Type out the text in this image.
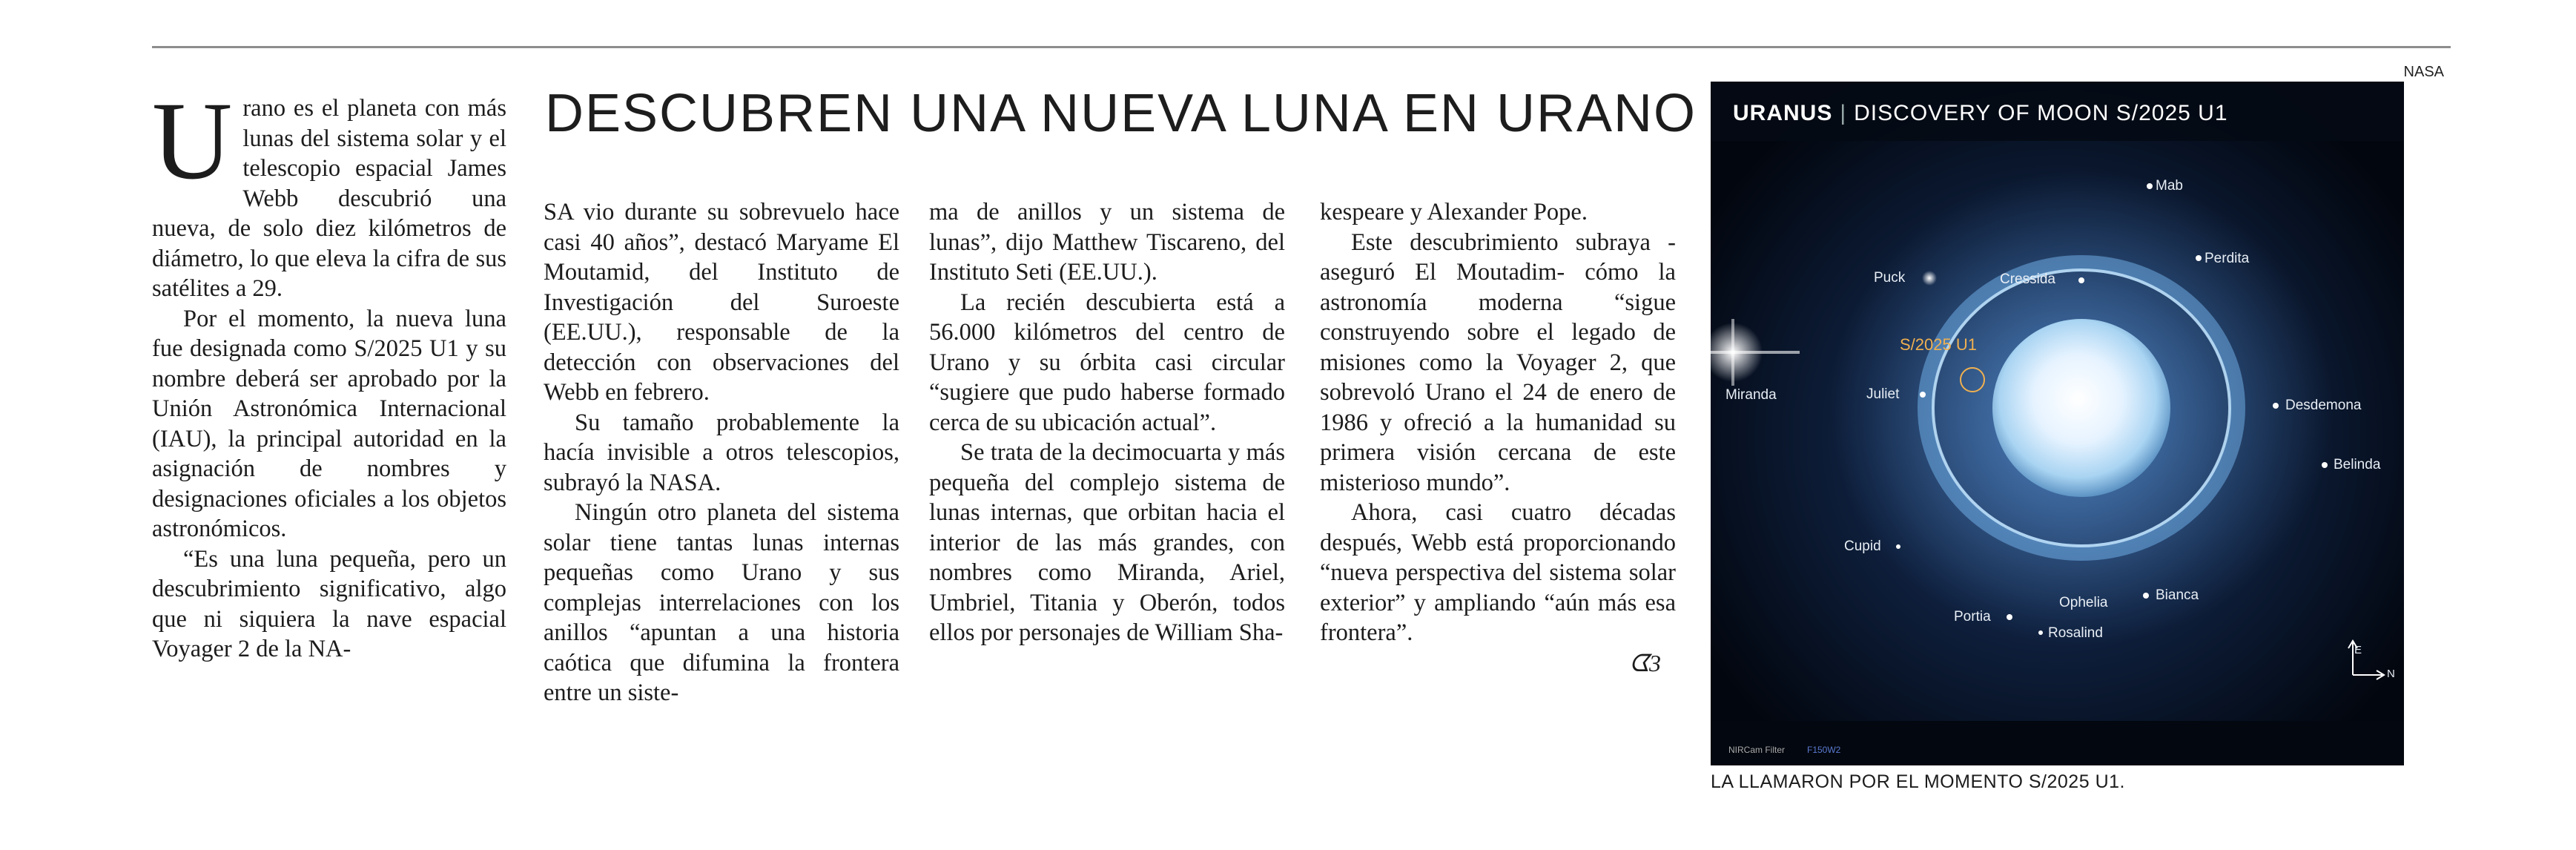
DESCUBREN UNA NUEVA LUNA EN URANO
U rano es el planeta con más lunas del sistema solar y el telescopio espacial James Webb descubrió una nueva, de solo diez kilómetros de diámetro, lo que eleva la cifra de sus satélites a 29.

Por el momento, la nueva luna fue designada como S/2025 U1 y su nombre deberá ser aprobado por la Unión Astronómica Internacional (IAU), la principal autoridad en la asignación de nombres y designaciones oficiales a los objetos astronómicos.

“Es una luna pequeña, pero un descubrimiento significativo, algo que ni siquiera la nave espacial Voyager 2 de la NA-

SA vio durante su sobrevuelo hace casi 40 años”, destacó Maryame El Moutamid, del Instituto de Investigación del Suroeste (EE.UU.), responsable de la detección con observaciones del Webb en febrero.

Su tamaño probablemente la hacía invisible a otros telescopios, subrayó la NASA.

Ningún otro planeta del sistema solar tiene tantas lunas internas pequeñas como Urano y sus complejas interrelaciones con los anillos “apuntan a una historia caótica que difumina la frontera entre un siste-

ma de anillos y un sistema de lunas”, dijo Matthew Tiscareno, del Instituto Seti (EE.UU.).

La recién descubierta está a 56.000 kilómetros del centro de Urano y su órbita casi circular “sugiere que pudo haberse formado cerca de su ubicación actual”.

Se trata de la decimocuarta y más pequeña del complejo sistema de lunas internas, que orbitan hacia el interior de las más grandes, con nombres como Miranda, Ariel, Umbriel, Titania y Oberón, todos ellos por personajes de William Sha-

kespeare y Alexander Pope.

Este descubrimiento subraya -aseguró El Moutadim- cómo la astronomía moderna “sigue construyendo sobre el legado de misiones como la Voyager 2, que sobrevoló Urano el 24 de enero de 1986 y ofreció a la humanidad su primera visión cercana de este misterioso mundo”.

Ahora, casi cuatro décadas después, Webb está proporcionando “nueva perspectiva del sistema solar exterior” y ampliando “aún más esa frontera”.

ᗧ3
NASA
URANUS | DISCOVERY OF MOON S/2025 U1
Mab
Perdita
Puck	Cressida
S/2025 U1
Miranda	Juliet
Desdemona
Belinda
Cupid
Portia
Ophelia	Bianca
Rosalind
E
N
NIRCam Filter F150W2
LA LLAMARON POR EL MOMENTO S/2025 U1.
